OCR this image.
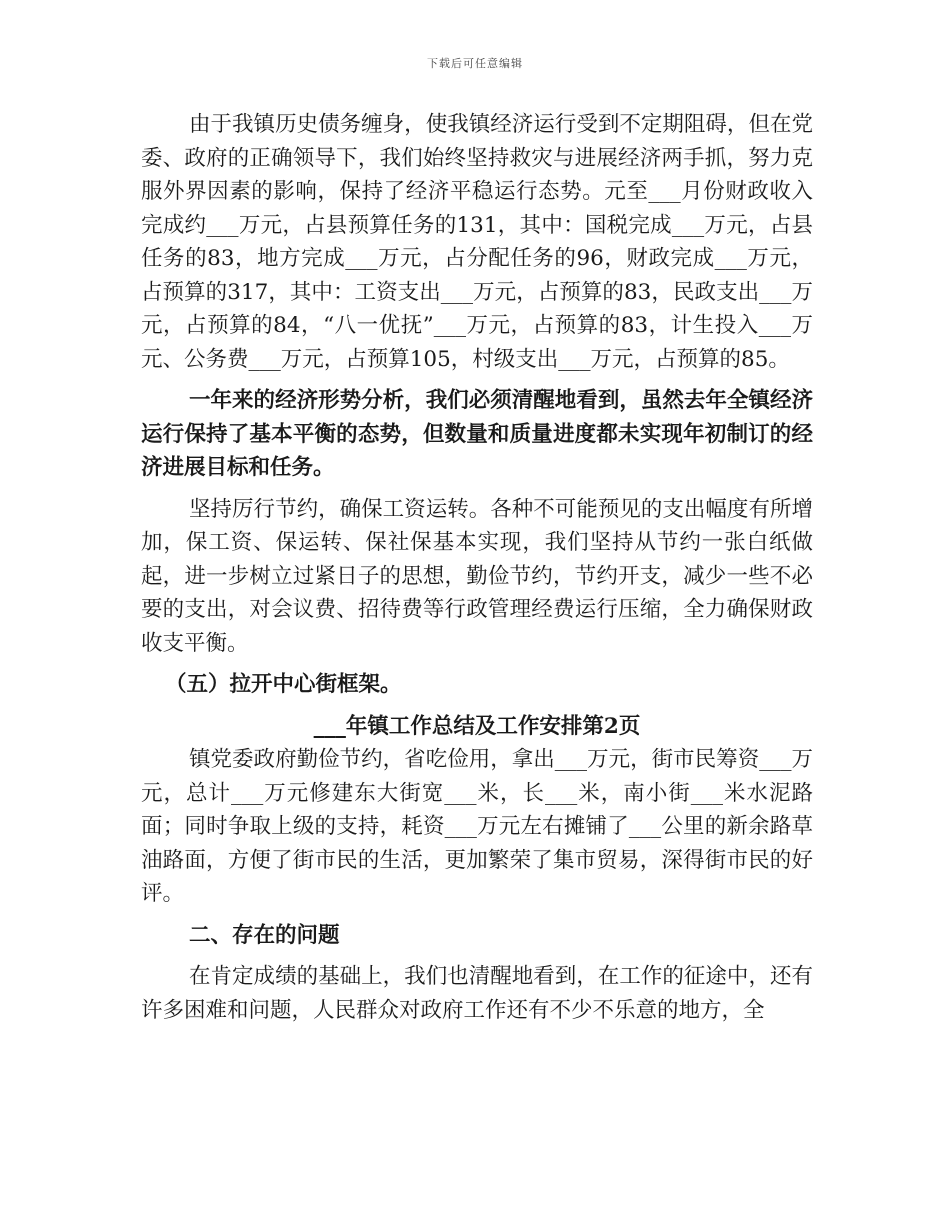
下载后可任意编辑

由于我镇历史债务缠身，使我镇经济运行受到不定期阻碍，但在党委、政府的正确领导下，我们始终坚持救灾与进展经济两手抓，努力克服外界因素的影响，保持了经济平稳运行态势。元至___月份财政收入完成约___万元，占县预算任务的131，其中：国税完成___万元，占县任务的83，地方完成___万元，占分配任务的96，财政完成___万元，占预算的317，其中：工资支出___万元，占预算的83，民政支出___万元，占预算的84，“八一优抚”___万元，占预算的83，计生投入___万元、公务费___万元，占预算105，村级支出___万元，占预算的85。

一年来的经济形势分析，我们必须清醒地看到，虽然去年全镇经济运行保持了基本平衡的态势，但数量和质量进度都未实现年初制订的经济进展目标和任务。

坚持厉行节约，确保工资运转。各种不可能预见的支出幅度有所增加，保工资、保运转、保社保基本实现，我们坚持从节约一张白纸做起，进一步树立过紧日子的思想，勤俭节约，节约开支，减少一些不必要的支出，对会议费、招待费等行政管理经费运行压缩，全力确保财政收支平衡。

（五）拉开中心街框架。

___年镇工作总结及工作安排第2页

镇党委政府勤俭节约，省吃俭用，拿出___万元，街市民筹资___万元，总计___万元修建东大街宽___米，长___米，南小街___米水泥路面；同时争取上级的支持，耗资___万元左右摊铺了___公里的新余路草油路面，方便了街市民的生活，更加繁荣了集市贸易，深得街市民的好评。

二、存在的问题

在肯定成绩的基础上，我们也清醒地看到，在工作的征途中，还有许多困难和问题，人民群众对政府工作还有不少不乐意的地方，全
